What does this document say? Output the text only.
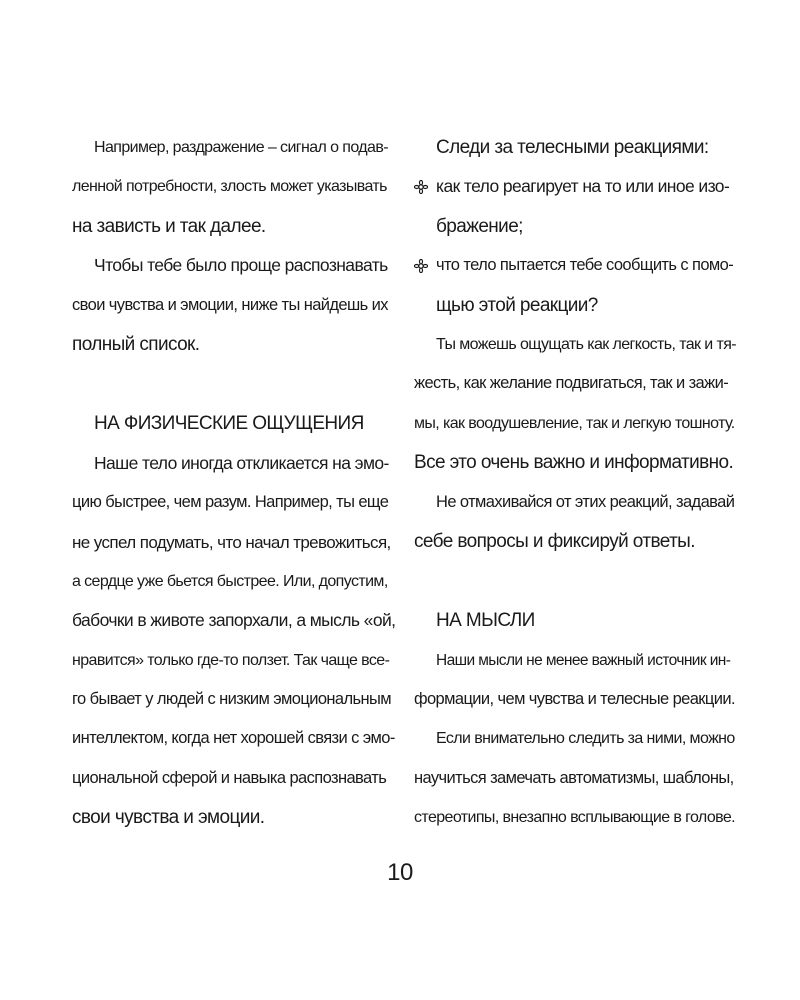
Например, раздражение – сигнал о подав-
ленной потребности, злость может указывать
на зависть и так далее.
Чтобы тебе было проще распознавать
свои чувства и эмоции, ниже ты найдешь их
полный список.
НА ФИЗИЧЕСКИЕ ОЩУЩЕНИЯ
Наше тело иногда откликается на эмо-
цию быстрее, чем разум. Например, ты еще
не успел подумать, что начал тревожиться,
а сердце уже бьется быстрее. Или, допустим,
бабочки в животе запорхали, а мысль «ой,
нравится» только где-то ползет. Так чаще все-
го бывает у людей с низким эмоциональным
интеллектом, когда нет хорошей связи с эмо-
циональной сферой и навыка распознавать
свои чувства и эмоции.
Следи за телесными реакциями:
как тело реагирует на то или иное изо-
бражение;
что тело пытается тебе сообщить с помо-
щью этой реакции?
Ты можешь ощущать как легкость, так и тя-
жесть, как желание подвигаться, так и зажи-
мы, как воодушевление, так и легкую тошноту.
Все это очень важно и информативно.
Не отмахивайся от этих реакций, задавай
себе вопросы и фиксируй ответы.
НА МЫСЛИ
Наши мысли не менее важный источник ин-
формации, чем чувства и телесные реакции.
Если внимательно следить за ними, можно
научиться замечать автоматизмы, шаблоны,
стереотипы, внезапно всплывающие в голове.
10
